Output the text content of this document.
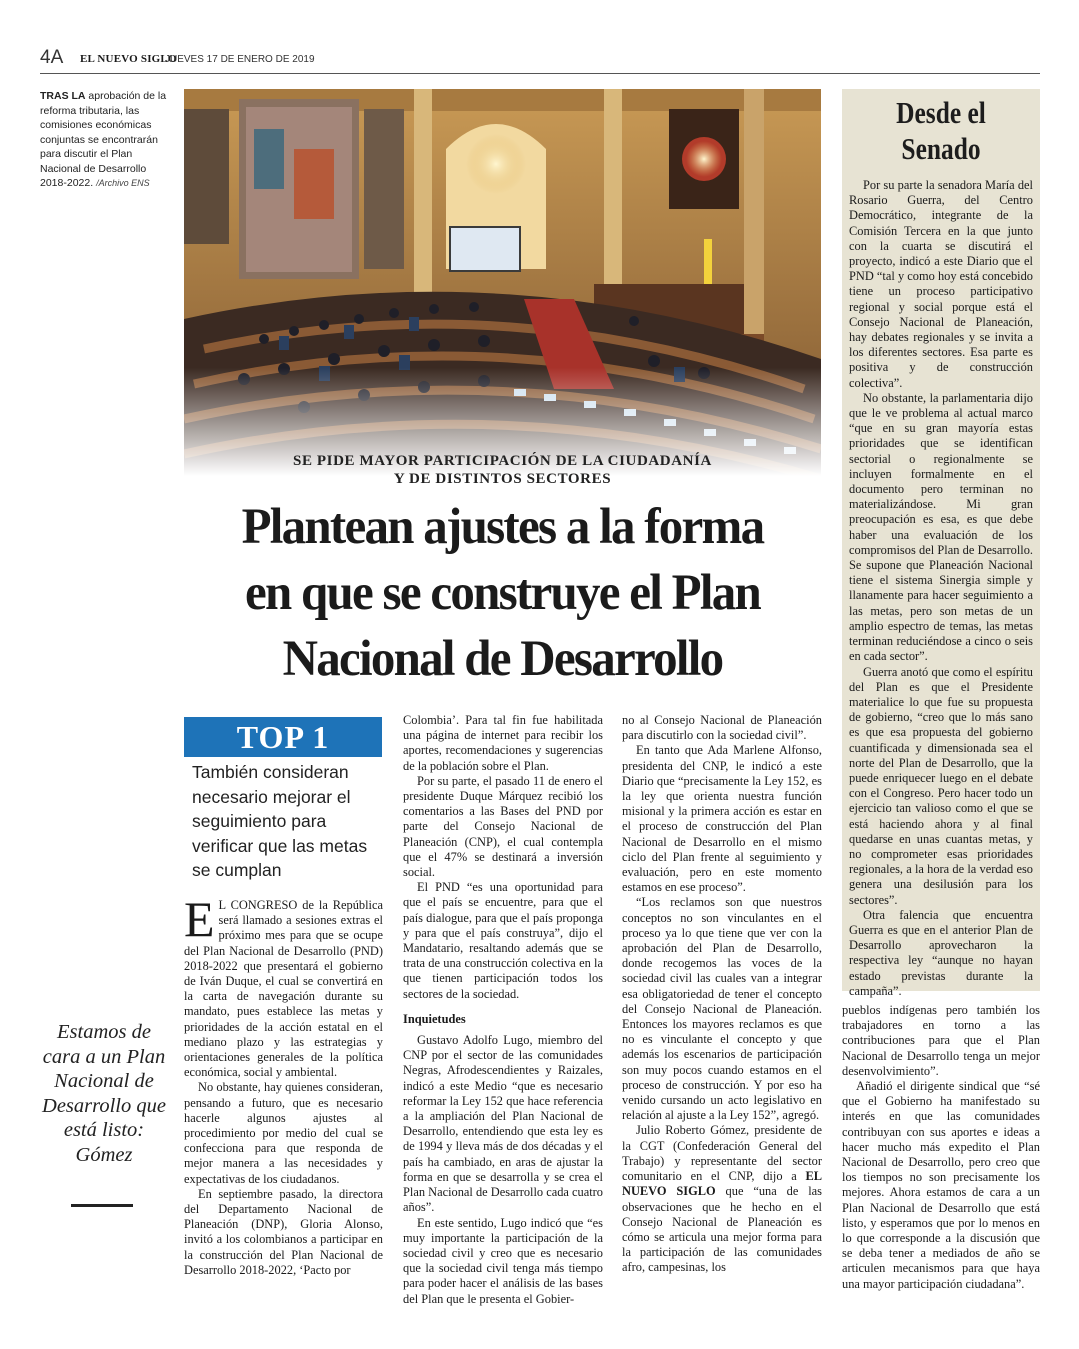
4A EL NUEVO SIGLO
JUEVES 17 DE ENERO DE 2019
TRAS LA aprobación de la reforma tributaria, las comisiones económicas conjuntas se encontrarán para discutir el Plan Nacional de Desarrollo 2018-2022. /Archivo ENS
SE PIDE MAYOR PARTICIPACIÓN DE LA CIUDADANÍA
Y DE DISTINTOS SECTORES
Plantean ajustes a la forma
en que se construye el Plan
Nacional de Desarrollo
TOP 1
También consideran necesario mejorar el seguimiento para verificar que las metas se cumplan

E L CONGRESO de la República será llamado a sesiones extras el próximo mes para que se ocupe del Plan Nacional de Desarrollo (PND) 2018-2022 que presentará el gobierno de Iván Duque, el cual se convertirá en la carta de navegación durante su mandato, pues establece las metas y prioridades de la acción estatal en el mediano plazo y las estrategias y orientaciones generales de la política económica, social y ambiental.

No obstante, hay quienes consideran, pensando a futuro, que es necesario hacerle algunos ajustes al procedimiento por medio del cual se confecciona para que responda de mejor manera a las necesidades y expectativas de los ciudadanos.

En septiembre pasado, la directora del Departamento Nacional de Planeación (DNP), Gloria Alonso, invitó a los colombianos a participar en la construcción del Plan Nacional de Desarrollo 2018-2022, ‘Pacto por

Colombia’. Para tal fin fue habilitada una página de internet para recibir los aportes, recomendaciones y sugerencias de la población sobre el Plan.

Por su parte, el pasado 11 de enero el presidente Duque Márquez recibió los comentarios a las Bases del PND por parte del Consejo Nacional de Planeación (CNP), el cual contempla que el 47% se destinará a inversión social.

El PND “es una oportunidad para que el país se encuentre, para que el país dialogue, para que el país proponga y para que el país construya”, dijo el Mandatario, resaltando además que se trata de una construcción colectiva en la que tienen participación todos los sectores de la sociedad.

Inquietudes

Gustavo Adolfo Lugo, miembro del CNP por el sector de las comunidades Negras, Afrodescendientes y Raizales, indicó a este Medio “que es necesario reformar la Ley 152 que hace referencia a la ampliación del Plan Nacional de Desarrollo, entendiendo que esta ley es de 1994 y lleva más de dos décadas y el país ha cambiado, en aras de ajustar la forma en que se desarrolla y se crea el Plan Nacional de Desarrollo cada cuatro años”.

En este sentido, Lugo indicó que “es muy importante la participación de la sociedad civil y creo que es necesario que la sociedad civil tenga más tiempo para poder hacer el análisis de las bases del Plan que le presenta el Gobier-

no al Consejo Nacional de Planeación para discutirlo con la sociedad civil”.

En tanto que Ada Marlene Alfonso, presidenta del CNP, le indicó a este Diario que “precisamente la Ley 152, es la ley que orienta nuestra función misional y la primera acción es estar en el proceso de construcción del Plan Nacional de Desarrollo en el mismo ciclo del Plan frente al seguimiento y evaluación, pero en este momento estamos en ese proceso”.

“Los reclamos son que nuestros conceptos no son vinculantes en el proceso ya lo que tiene que ver con la aprobación del Plan de Desarrollo, donde recogemos las voces de la sociedad civil las cuales van a integrar esa obligatoriedad de tener el concepto del Consejo Nacional de Planeación. Entonces los mayores reclamos es que no es vinculante el concepto y que además los escenarios de participación son muy pocos cuando estamos en el proceso de construcción. Y por eso ha venido cursando un acto legislativo en relación al ajuste a la Ley 152”, agregó.

Julio Roberto Gómez, presidente de la CGT (Confederación General del Trabajo) y representante del sector comunitario en el CNP, dijo a EL NUEVO SIGLO que “una de las observaciones que he hecho en el Consejo Nacional de Planeación es cómo se articula una mejor forma para la participación de las comunidades afro, campesinas, los

pueblos indígenas pero también los trabajadores en torno a las contribuciones para que el Plan Nacional de Desarrollo tenga un mejor desenvolvimiento”.

Añadió el dirigente sindical que “sé que el Gobierno ha manifestado su interés en que las comunidades contribuyan con sus aportes e ideas a hacer mucho más expedito el Plan Nacional de Desarrollo, pero creo que los tiempos no son precisamente los mejores. Ahora estamos de cara a un Plan Nacional de Desarrollo que está listo, y esperamos que por lo menos en lo que corresponde a la discusión que se deba tener a mediados de año se articulen mecanismos para que haya una mayor participación ciudadana”.

Estamos de cara a un Plan Nacional de Desarrollo que está listo: Gómez
Desde el
Senado

Por su parte la senadora María del Rosario Guerra, del Centro Democrático, integrante de la Comisión Tercera en la que junto con la cuarta se discutirá el proyecto, indicó a este Diario que el PND “tal y como hoy está concebido tiene un proceso participativo regional y social porque está el Consejo Nacional de Planeación, hay debates regionales y se invita a los diferentes sectores. Esa parte es positiva y de construcción colectiva”.

No obstante, la parlamentaria dijo que le ve problema al actual marco “que en su gran mayoría estas prioridades que se identifican sectorial o regionalmente se incluyen formalmente en el documento pero terminan no materializándose. Mi gran preocupación es esa, es que debe haber una evaluación de los compromisos del Plan de Desarrollo. Se supone que Planeación Nacional tiene el sistema Sinergia simple y llanamente para hacer seguimiento a las metas, pero son metas de un amplio espectro de temas, las metas terminan reduciéndose a cinco o seis en cada sector”.

Guerra anotó que como el espíritu del Plan es que el Presidente materialice lo que fue su propuesta de gobierno, “creo que lo más sano es que esa propuesta del gobierno cuantificada y dimensionada sea el norte del Plan de Desarrollo, que la puede enriquecer luego en el debate con el Congreso. Pero hacer todo un ejercicio tan valioso como el que se está haciendo ahora y al final quedarse en unas cuantas metas, y no comprometer esas prioridades regionales, a la hora de la verdad eso genera una desilusión para los sectores”.

Otra falencia que encuentra Guerra es que en el anterior Plan de Desarrollo aprovecharon la respectiva ley “aunque no hayan estado previstas durante la campaña”.
